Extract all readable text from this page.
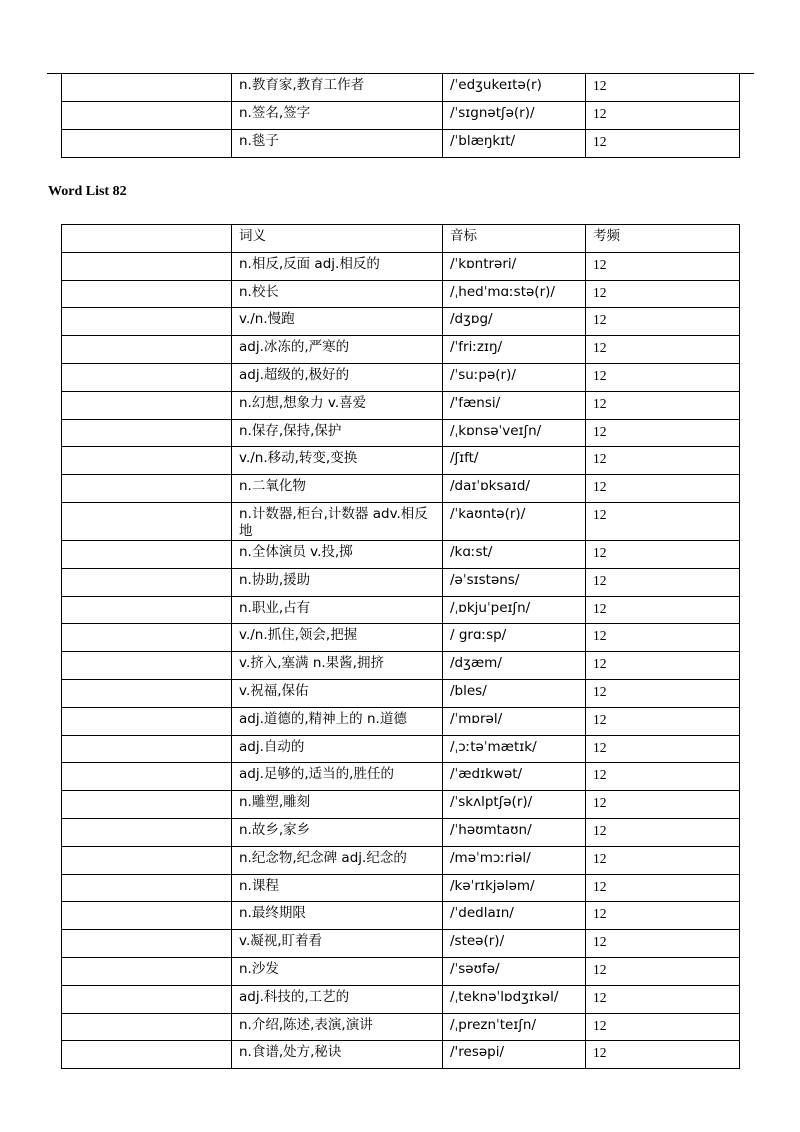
	n.教育家,教育工作者	/ˈedʒukeɪtə(r)	12
	n.签名,签字	/ˈsɪgnətʃə(r)/	12
	n.毯子	/ˈblæŋkɪt/	12
Word List 82
	词义	音标	考频
	n.相反,反面 adj.相反的	/ˈkɒntrəri/	12
	n.校长	/ˌhedˈmɑːstə(r)/	12
	v./n.慢跑	/dʒɒg/	12
	adj.冰冻的,严寒的	/ˈfriːzɪŋ/	12
	adj.超级的,极好的	/ˈsuːpə(r)/	12
	n.幻想,想象力 v.喜爱	/'fænsi/	12
	n.保存,保持,保护	/ˌkɒnsəˈveɪʃn/	12
	v./n.移动,转变,变换	/ʃɪft/	12
	n.二氧化物	/daɪˈɒksaɪd/	12
	n.计数器,柜台,计数器 adv.相反地	/ˈkaʊntə(r)/	12
	n.全体演员 v.投,掷	/kɑːst/	12
	n.协助,援助	/əˈsɪstəns/	12
	n.职业,占有	/ˌɒkjuˈpeɪʃn/	12
	v./n.抓住,领会,把握	/ grɑːsp/	12
	v.挤入,塞满 n.果酱,拥挤	/dʒæm/	12
	v.祝福,保佑	/bles/	12
	adj.道德的,精神上的 n.道德	/ˈmɒrəl/	12
	adj.自动的	/ˌɔːtəˈmætɪk/	12
	adj.足够的,适当的,胜任的	/ˈædɪkwət/	12
	n.雕塑,雕刻	/ˈskʌlptʃə(r)/	12
	n.故乡,家乡	/ˈhəʊmtaʊn/	12
	n.纪念物,纪念碑 adj.纪念的	/məˈmɔːriəl/	12
	n.课程	/kəˈrɪkjələm/	12
	n.最终期限	/ˈdedlaɪn/	12
	v.凝视,盯着看	/steə(r)/	12
	n.沙发	/ˈsəʊfə/	12
	adj.科技的,工艺的	/ˌteknəˈlɒdʒɪkəl/	12
	n.介绍,陈述,表演,演讲	/ˌpreznˈteɪʃn/	12
	n.食谱,处方,秘诀	/'resəpi/	12
